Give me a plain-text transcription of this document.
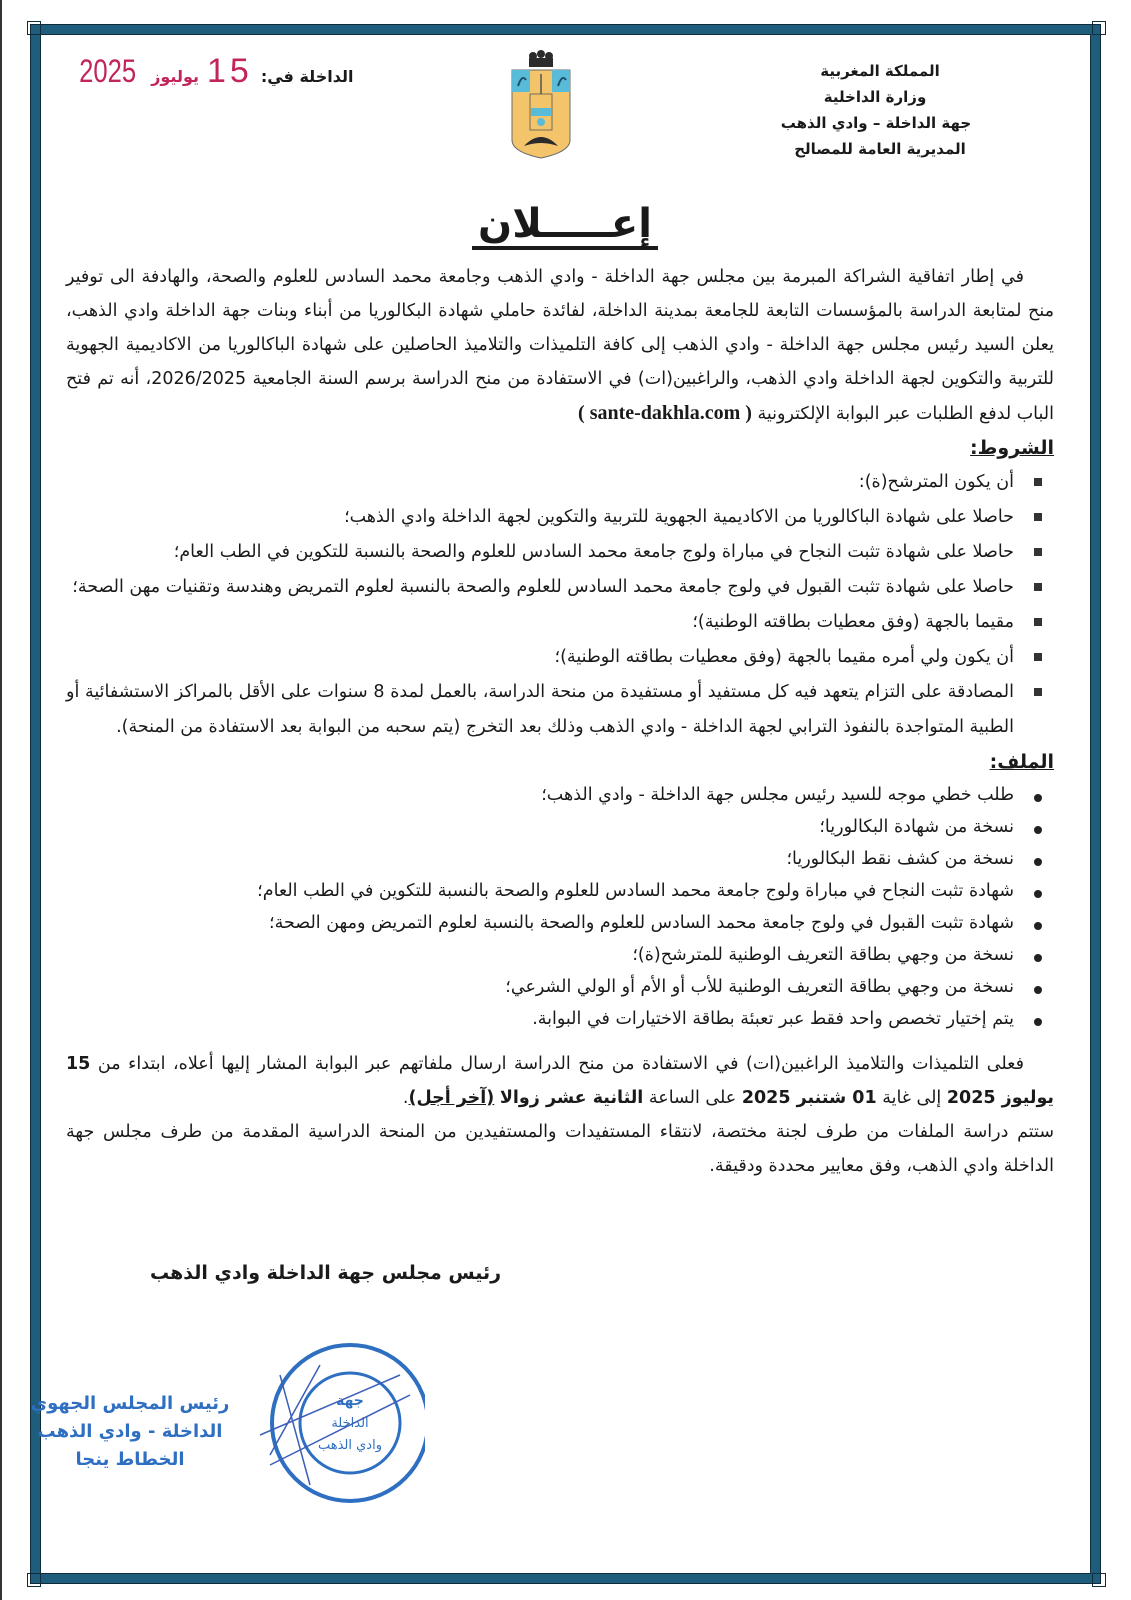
المملكة المغربية
وزارة الداخلية
جهة الداخلة – وادي الذهب
المديرية العامة للمصالح
الداخلة في:
15
يوليوز
2025
إعـــــلان

في إطار اتفاقية الشراكة المبرمة بين مجلس جهة الداخلة - وادي الذهب وجامعة محمد السادس للعلوم والصحة، والهادفة الى توفير منح لمتابعة الدراسة بالمؤسسات التابعة للجامعة بمدينة الداخلة، لفائدة حاملي شهادة البكالوريا من أبناء وبنات جهة الداخلة وادي الذهب، يعلن السيد رئيس مجلس جهة الداخلة - وادي الذهب إلى كافة التلميذات والتلاميذ الحاصلين على شهادة الباكالوريا من الاكاديمية الجهوية للتربية والتكوين لجهة الداخلة وادي الذهب، والراغبين(ات) في الاستفادة من منح الدراسة برسم السنة الجامعية 2026/2025، أنه تم فتح الباب لدفع الطلبات عبر البوابة الإلكترونية ( sante-dakhla.com )

الشروط:

أن يكون المترشح(ة):
حاصلا على شهادة الباكالوريا من الاكاديمية الجهوية للتربية والتكوين لجهة الداخلة وادي الذهب؛
حاصلا على شهادة تثبت النجاح في مباراة ولوج جامعة محمد السادس للعلوم والصحة بالنسبة للتكوين في الطب العام؛
حاصلا على شهادة تثبت القبول في ولوج جامعة محمد السادس للعلوم والصحة بالنسبة لعلوم التمريض وهندسة وتقنيات مهن الصحة؛
مقيما بالجهة (وفق معطيات بطاقته الوطنية)؛
أن يكون ولي أمره مقيما بالجهة (وفق معطيات بطاقته الوطنية)؛
المصادقة على التزام يتعهد فيه كل مستفيد أو مستفيدة من منحة الدراسة، بالعمل لمدة 8 سنوات على الأقل بالمراكز الاستشفائية أو الطبية المتواجدة بالنفوذ الترابي لجهة الداخلة - وادي الذهب وذلك بعد التخرج (يتم سحبه من البوابة بعد الاستفادة من المنحة).

الملف:

طلب خطي موجه للسيد رئيس مجلس جهة الداخلة - وادي الذهب؛
نسخة من شهادة البكالوريا؛
نسخة من كشف نقط البكالوريا؛
شهادة تثبت النجاح في مباراة ولوج جامعة محمد السادس للعلوم والصحة بالنسبة للتكوين في الطب العام؛
شهادة تثبت القبول في ولوج جامعة محمد السادس للعلوم والصحة بالنسبة لعلوم التمريض ومهن الصحة؛
نسخة من وجهي بطاقة التعريف الوطنية للمترشح(ة)؛
نسخة من وجهي بطاقة التعريف الوطنية للأب أو الأم أو الولي الشرعي؛
يتم إختيار تخصص واحد فقط عبر تعبئة بطاقة الاختيارات في البوابة.

فعلى التلميذات والتلاميذ الراغبين(ات) في الاستفادة من منح الدراسة ارسال ملفاتهم عبر البوابة المشار إليها أعلاه، ابتداء من 15 يوليوز 2025 إلى غاية 01 شتنبر 2025 على الساعة الثانية عشر زوالا (آخر أجل).

ستتم دراسة الملفات من طرف لجنة مختصة، لانتقاء المستفيدات والمستفيدين من المنحة الدراسية المقدمة من طرف مجلس جهة الداخلة وادي الذهب، وفق معايير محددة ودقيقة.

رئيس مجلس جهة الداخلة وادي الذهب
رئيس المجلس الجهوي
الداخلة - وادي الذهب
الخطاط ينجا
جهة
الداخلة
وادي الذهب
